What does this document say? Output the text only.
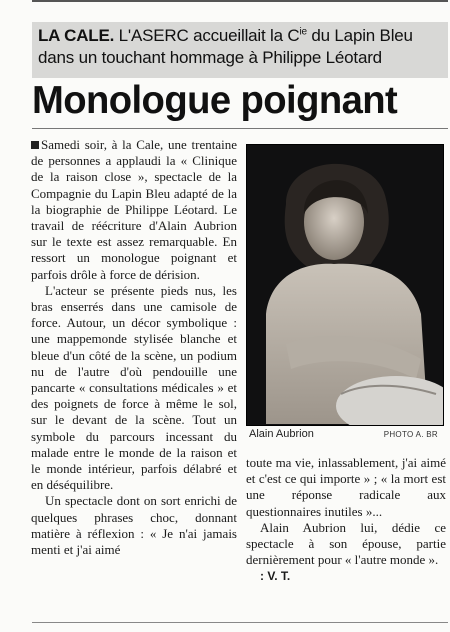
LA CALE. L'ASERC accueillait la $C^{ie}$ du Lapin Bleu dans un touchant hommage à Philippe Léotard
Monologue poignant

Samedi soir, à la Cale, une trentaine de personnes a applaudi la « Clinique de la raison close », spectacle de la Compagnie du Lapin Bleu adapté de la la biographie de Philippe Léotard. Le travail de réécriture d'Alain Aubrion sur le texte est assez remarquable. En ressort un monologue poignant et parfois drôle à force de dérision.

L'acteur se présente pieds nus, les bras enserrés dans une camisole de force. Autour, un décor symbolique : une mappemonde stylisée blanche et bleue d'un côté de la scène, un podium nu de l'autre d'où pendouille une pancarte « consultations médicales » et des poignets de force à même le sol, sur le devant de la scène. Tout un symbole du parcours incessant du malade entre le monde de la raison et le monde intérieur, parfois délabré et en déséquilibre.

Un spectacle dont on sort enrichi de quelques phrases choc, donnant matière à réflexion : « Je n'ai jamais menti et j'ai aimé

Alain Aubrion	PHOTO A. BR

toute ma vie, inlassablement, j'ai aimé et c'est ce qui importe » ; « la mort est une réponse radicale aux questionnaires inutiles »...

Alain Aubrion lui, dédie ce spectacle à son épouse, partie dernièrement pour « l'autre monde ».

: V. T.
